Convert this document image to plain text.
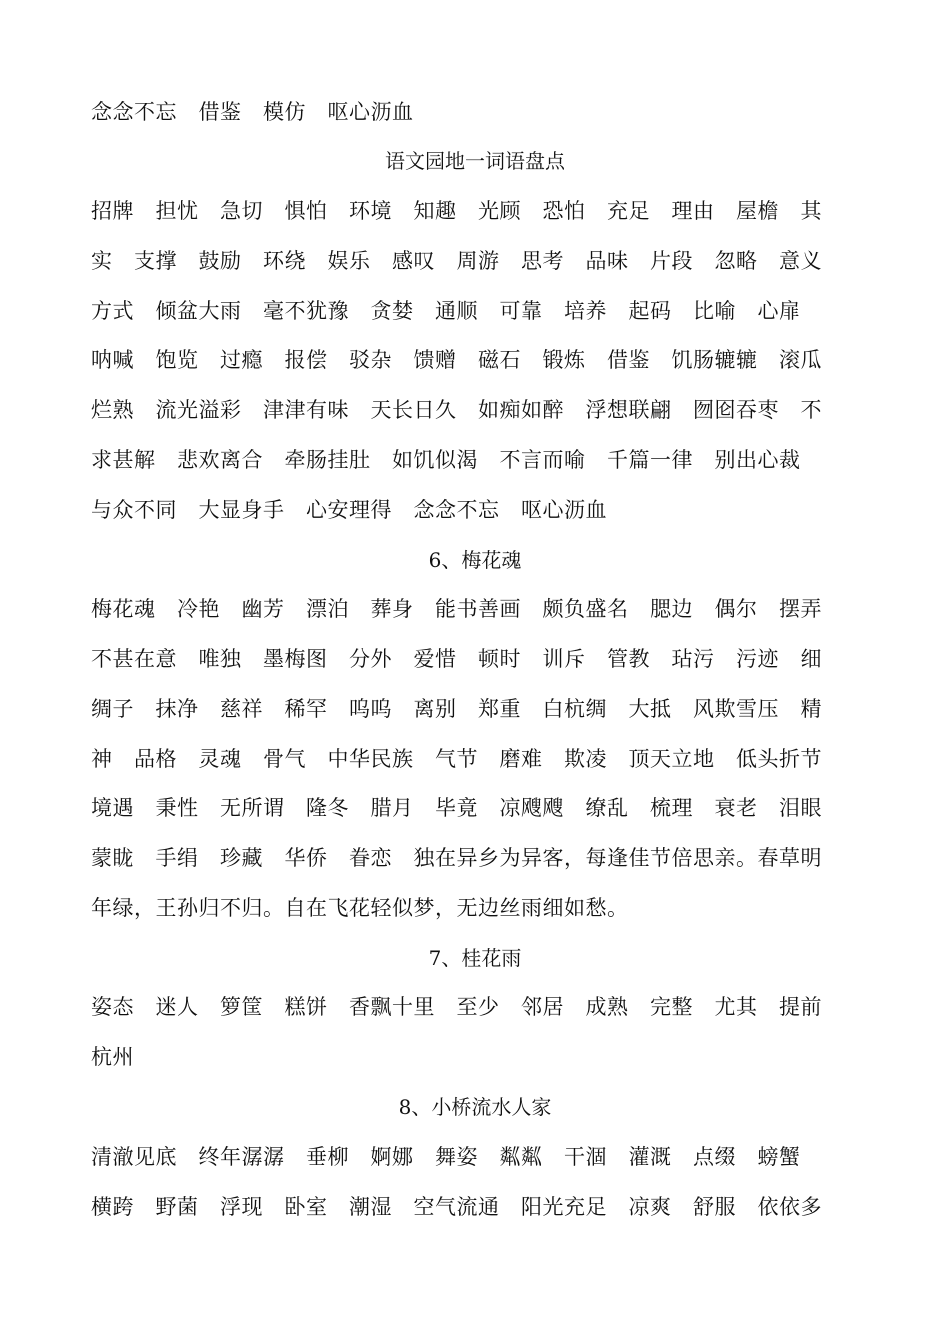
念念不忘　借鉴　模仿　呕心沥血
语文园地一词语盘点
招牌　担忧　急切　惧怕　环境　知趣　光顾　恐怕　充足　理由　屋檐　其
实　支撑　鼓励　环绕　娱乐　感叹　周游　思考　品味　片段　忽略　意义
方式　倾盆大雨　毫不犹豫　贪婪　通顺　可靠　培养　起码　比喻　心扉
呐喊　饱览　过瘾　报偿　驳杂　馈赠　磁石　锻炼　借鉴　饥肠辘辘　滚瓜
烂熟　流光溢彩　津津有味　天长日久　如痴如醉　浮想联翩　囫囵吞枣　不
求甚解　悲欢离合　牵肠挂肚　如饥似渴　不言而喻　千篇一律　别出心裁
与众不同　大显身手　心安理得　念念不忘　呕心沥血
6、梅花魂
梅花魂　冷艳　幽芳　漂泊　葬身　能书善画　颇负盛名　腮边　偶尔　摆弄
不甚在意　唯独　墨梅图　分外　爱惜　顿时　训斥　管教　玷污　污迹　细
绸子　抹净　慈祥　稀罕　呜呜　离别　郑重　白杭绸　大抵　风欺雪压　精
神　品格　灵魂　骨气　中华民族　气节　磨难　欺凌　顶天立地　低头折节
境遇　秉性　无所谓　隆冬　腊月　毕竟　凉飕飕　缭乱　梳理　衰老　泪眼
蒙眬　手绢　珍藏　华侨　眷恋　独在异乡为异客，每逢佳节倍思亲。春草明
年绿，王孙归不归。自在飞花轻似梦，无边丝雨细如愁。
7、桂花雨
姿态　迷人　箩筐　糕饼　香飘十里　至少　邻居　成熟　完整　尤其　提前
杭州
8、小桥流水人家
清澈见底　终年潺潺　垂柳　婀娜　舞姿　粼粼　干涸　灌溉　点缀　螃蟹
横跨　野菌　浮现　卧室　潮湿　空气流通　阳光充足　凉爽　舒服　依依多
